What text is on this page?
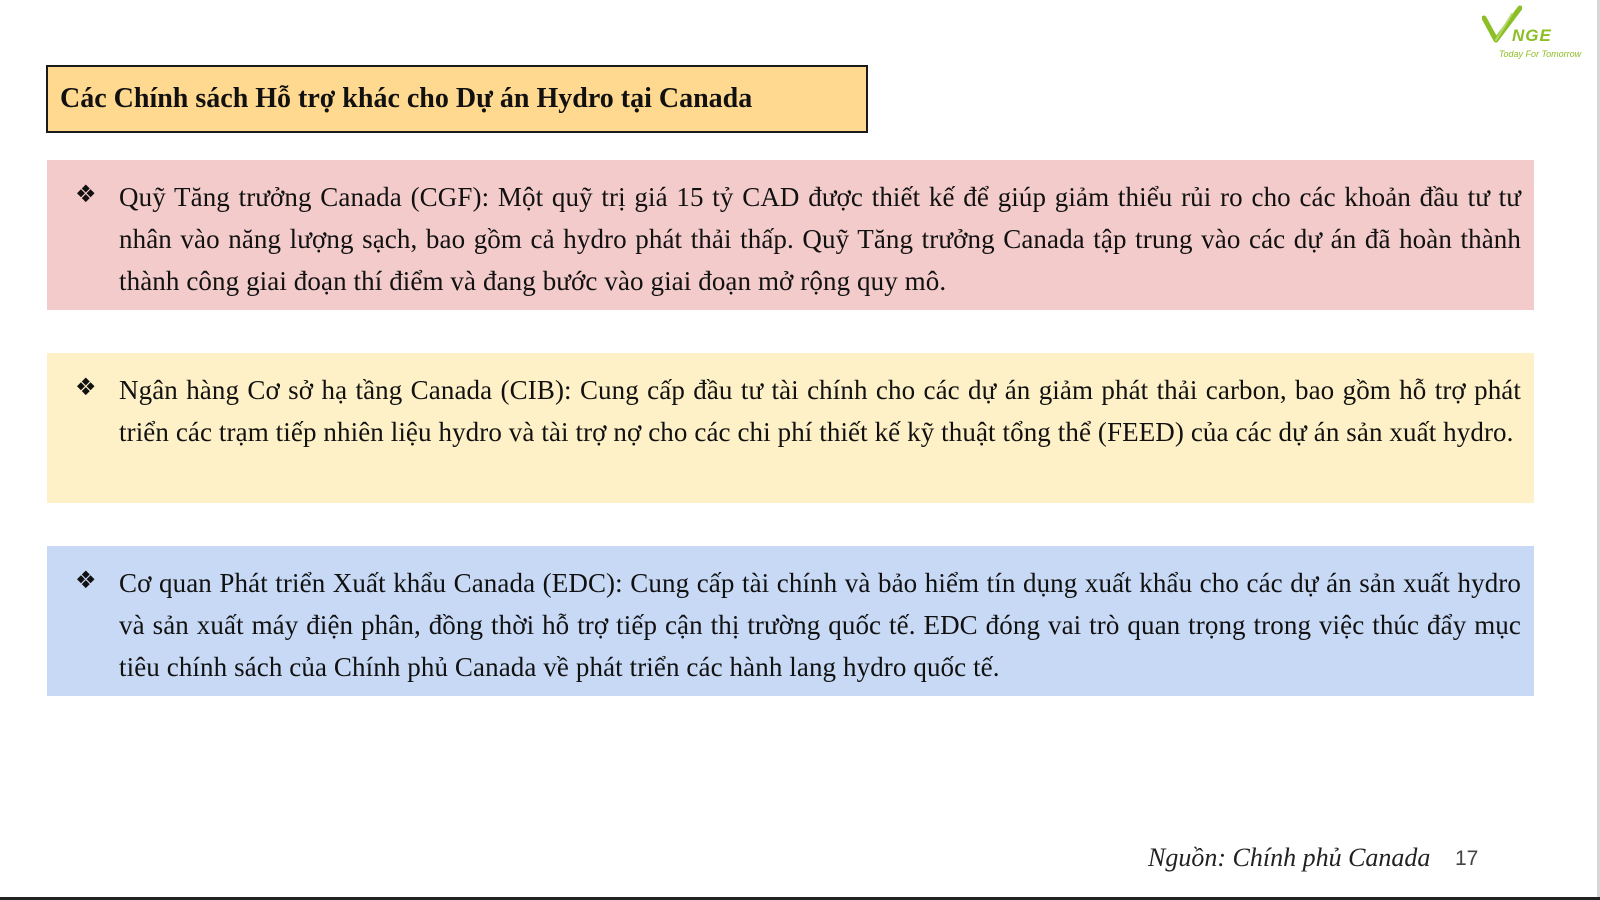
NGE
Today For Tomorrow
Các Chính sách Hỗ trợ khác cho Dự án Hydro tại Canada
❖ Quỹ Tăng trưởng Canada (CGF): Một quỹ trị giá 15 tỷ CAD được thiết kế để giúp giảm thiểu rủi ro cho các khoản đầu tư tư nhân vào năng lượng sạch, bao gồm cả hydro phát thải thấp. Quỹ Tăng trưởng Canada tập trung vào các dự án đã hoàn thành thành công giai đoạn thí điểm và đang bước vào giai đoạn mở rộng quy mô.

❖ Ngân hàng Cơ sở hạ tầng Canada (CIB): Cung cấp đầu tư tài chính cho các dự án giảm phát thải carbon, bao gồm hỗ trợ phát triển các trạm tiếp nhiên liệu hydro và tài trợ nợ cho các chi phí thiết kế kỹ thuật tổng thể (FEED) của các dự án sản xuất hydro.

❖ Cơ quan Phát triển Xuất khẩu Canada (EDC): Cung cấp tài chính và bảo hiểm tín dụng xuất khẩu cho các dự án sản xuất hydro và sản xuất máy điện phân, đồng thời hỗ trợ tiếp cận thị trường quốc tế. EDC đóng vai trò quan trọng trong việc thúc đẩy mục tiêu chính sách của Chính phủ Canada về phát triển các hành lang hydro quốc tế.

Nguồn: Chính phủ Canada 17
